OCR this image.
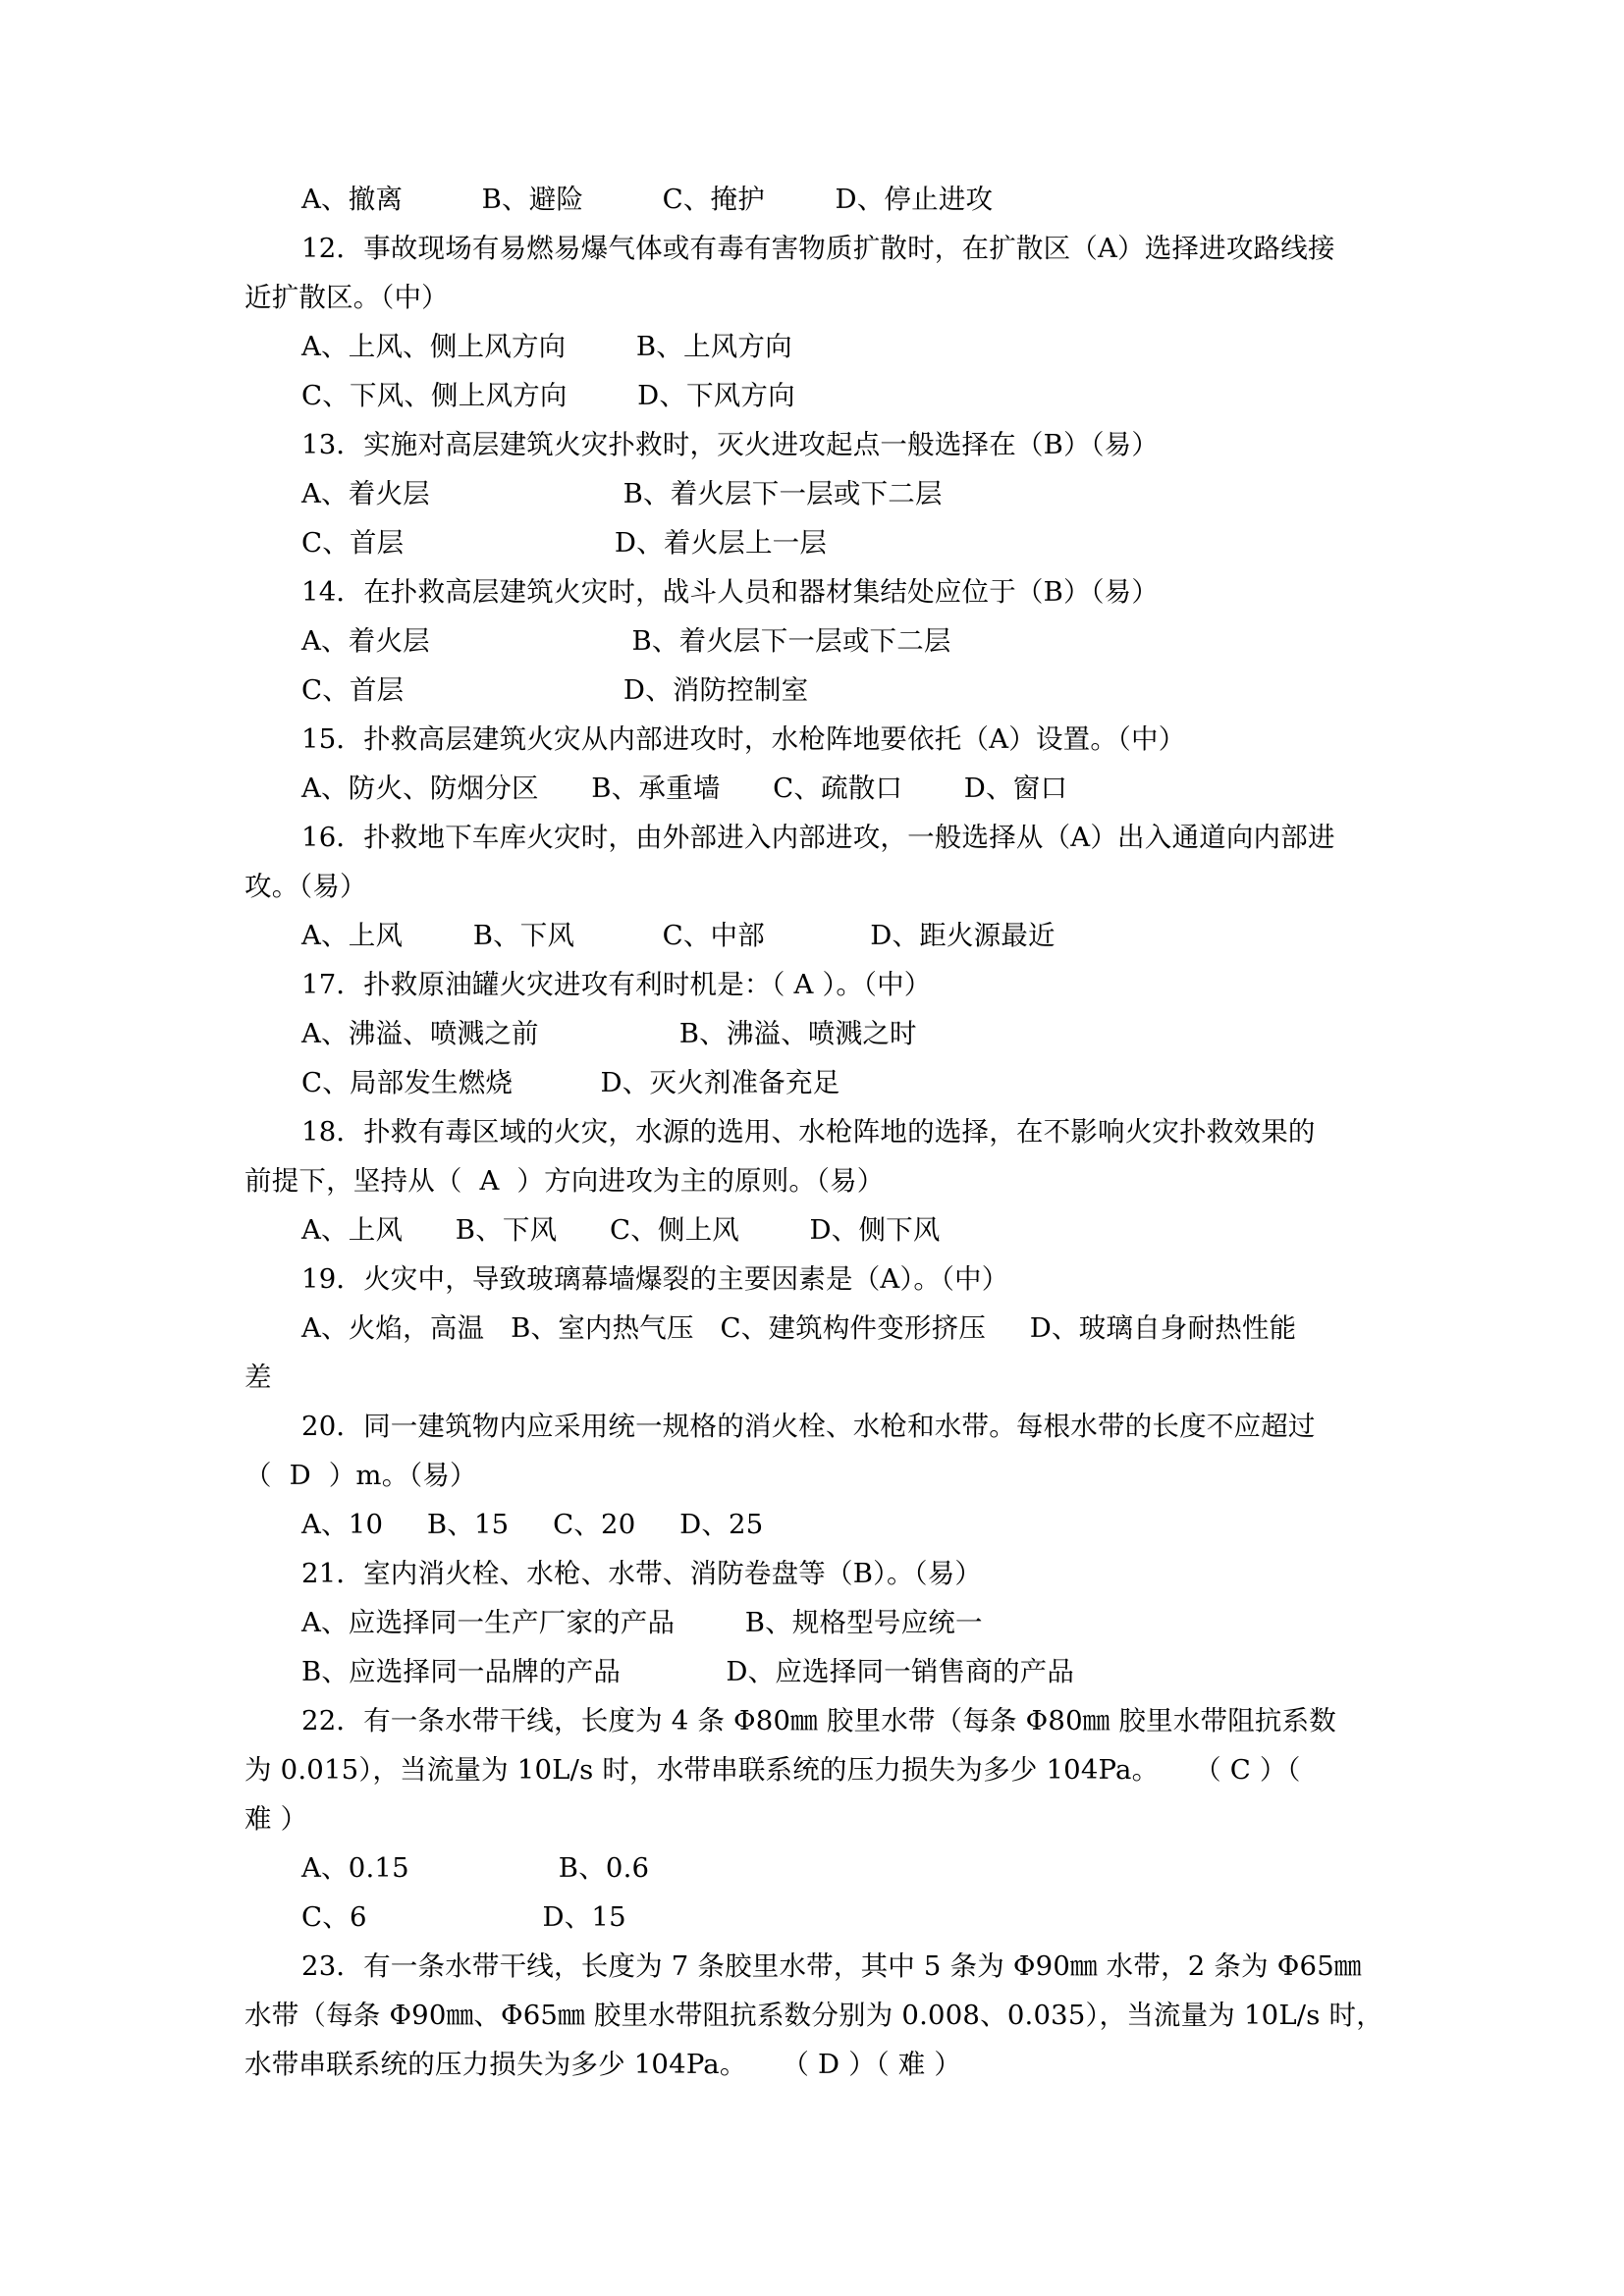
A、撤离         B、避险         C、掩护        D、停止进攻
12．事故现场有易燃易爆气体或有毒有害物质扩散时，在扩散区（A）选择进攻路线接
近扩散区。（中）
A、上风、侧上风方向        B、上风方向
C、下风、侧上风方向        D、下风方向
13．实施对高层建筑火灾扑救时，灭火进攻起点一般选择在（B）（易）
A、着火层                      B、着火层下一层或下二层
C、首层                        D、着火层上一层
14．在扑救高层建筑火灾时，战斗人员和器材集结处应位于（B）（易）
A、着火层                       B、着火层下一层或下二层
C、首层                         D、消防控制室
15．扑救高层建筑火灾从内部进攻时，水枪阵地要依托（A）设置。（中）
A、防火、防烟分区      B、承重墙      C、疏散口       D、窗口
16．扑救地下车库火灾时，由外部进入内部进攻，一般选择从（A）出入通道向内部进
攻。（易）
A、上风        B、下风          C、中部            D、距火源最近
17．扑救原油罐火灾进攻有利时机是：（ A ）。（中）
A、沸溢、喷溅之前                B、沸溢、喷溅之时
C、局部发生燃烧          D、灭火剂准备充足
18．扑救有毒区域的火灾，水源的选用、水枪阵地的选择，在不影响火灾扑救效果的
前提下，坚持从（  A  ）方向进攻为主的原则。（易）
A、上风      B、下风      C、侧上风        D、侧下风
19．火灾中，导致玻璃幕墙爆裂的主要因素是（A）。（中）
A、火焰，高温   B、室内热气压   C、建筑构件变形挤压     D、玻璃自身耐热性能
差
20．同一建筑物内应采用统一规格的消火栓、水枪和水带。每根水带的长度不应超过
（  D  ）m。（易）
A、10     B、15     C、20     D、25
21．室内消火栓、水枪、水带、消防卷盘等（B）。（易）
A、应选择同一生产厂家的产品        B、规格型号应统一
B、应选择同一品牌的产品            D、应选择同一销售商的产品
22．有一条水带干线，长度为 4 条 Φ80㎜ 胶里水带（每条 Φ80㎜ 胶里水带阻抗系数
为 0.015），当流量为 10L/s 时，水带串联系统的压力损失为多少 104Pa。    （ C ）（
难 ）
A、0.15                 B、0.6
C、6                    D、15
23．有一条水带干线，长度为 7 条胶里水带，其中 5 条为 Φ90㎜ 水带，2 条为 Φ65㎜
水带（每条 Φ90㎜、Φ65㎜ 胶里水带阻抗系数分别为 0.008、0.035），当流量为 10L/s 时，
水带串联系统的压力损失为多少 104Pa。    （ D ）（ 难 ）
